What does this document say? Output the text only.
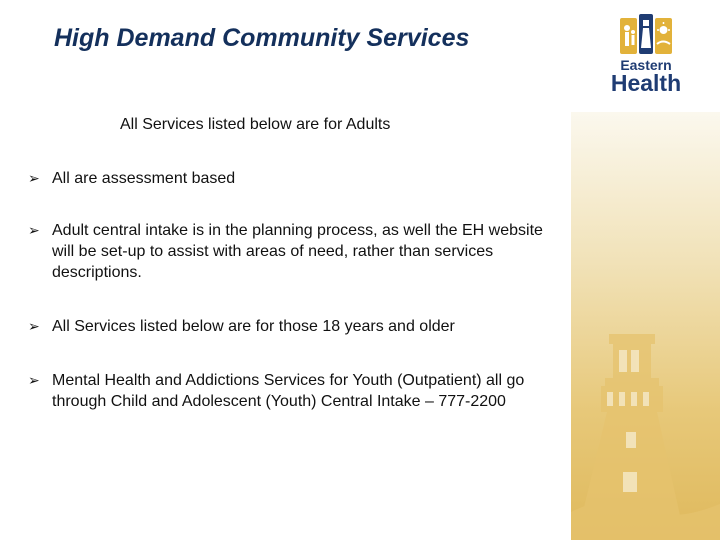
High Demand Community Services
All Services listed below are for Adults
➢ All are assessment based
➢ Adult central intake is in the planning process, as well the EH website will be set-up to assist with areas of need, rather than services descriptions.
➢ All Services listed below are for those 18 years and older
➢ Mental Health and Addictions Services for Youth (Outpatient) all go through Child and Adolescent (Youth) Central Intake – 777-2200
Eastern
Health
